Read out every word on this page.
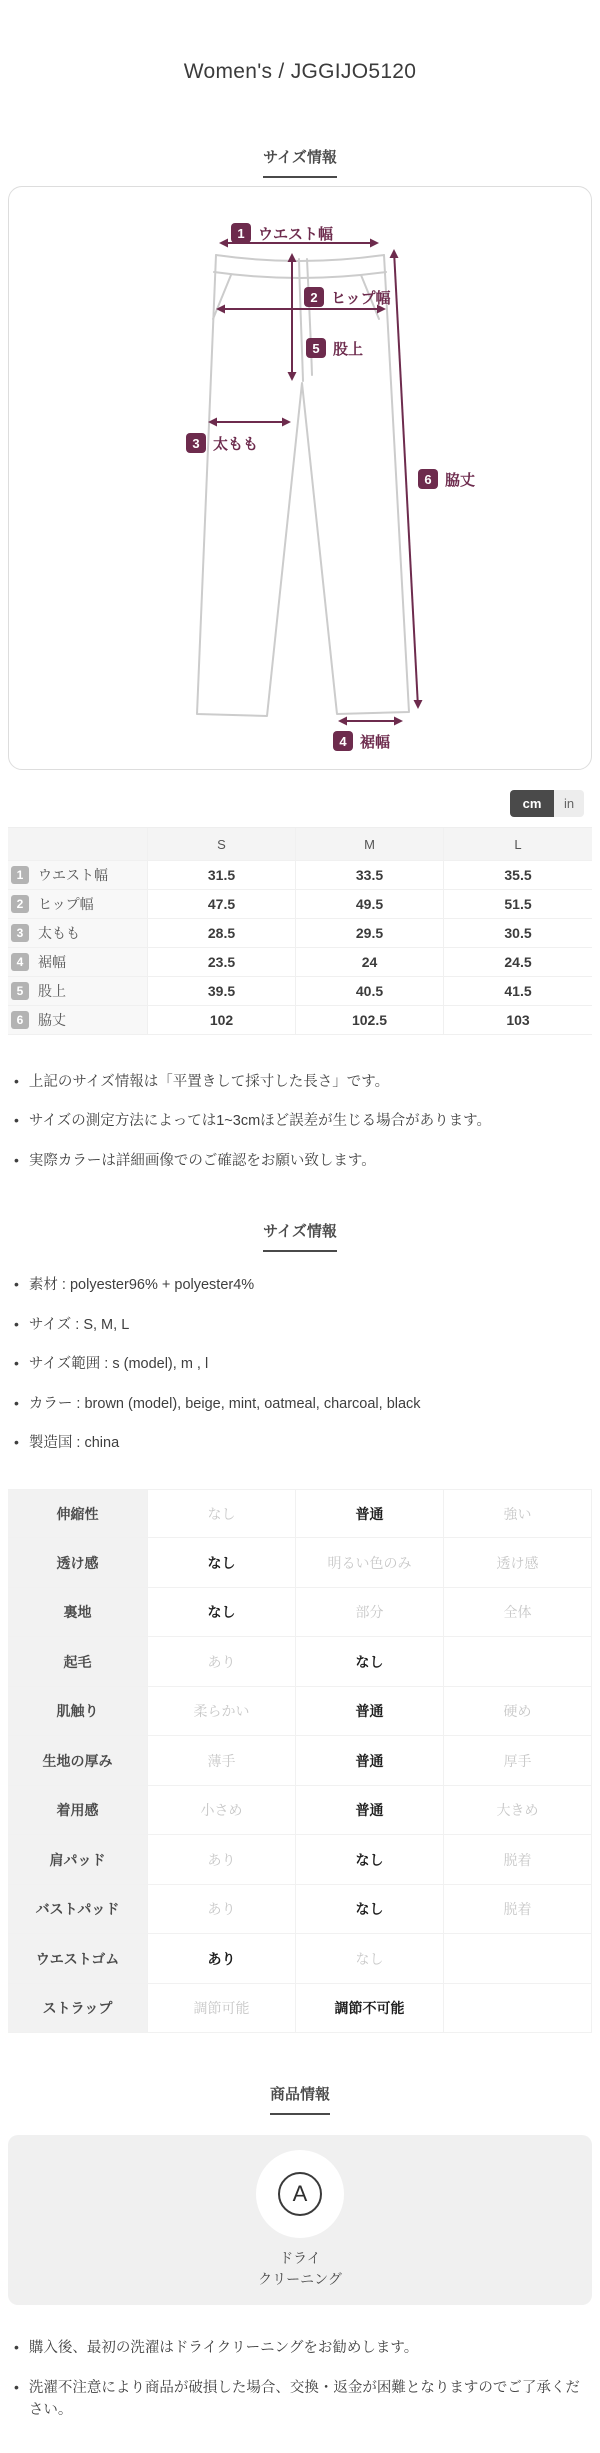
Women's / JGGIJO5120
サイズ情報
1 ウエスト幅
2 ヒップ幅
5 股上
3 太もも
6 脇丈
4 裾幅
cm	in
S	M	L
1	ウエスト幅	31.5	33.5	35.5
2	ヒップ幅	47.5	49.5	51.5
3	太もも	28.5	29.5	30.5
4	裾幅	23.5	24	24.5
5	股上	39.5	40.5	41.5
6	脇丈	102	102.5	103
• 上記のサイズ情報は「平置きして採寸した長さ」です。
• サイズの測定方法によっては1~3cmほど誤差が生じる場合があります。
• 実際カラーは詳細画像でのご確認をお願い致します。
サイズ情報
• 素材 : polyester96% + polyester4%
• サイズ : S, M, L
• サイズ範囲 : s (model), m , l
• カラー : brown (model), beige, mint, oatmeal, charcoal, black
• 製造国 : china
伸縮性	なし	普通	強い
透け感	なし	明るい色のみ	透け感
裏地	なし	部分	全体
起毛	あり	なし
肌触り	柔らかい	普通	硬め
生地の厚み	薄手	普通	厚手
着用感	小さめ	普通	大きめ
肩パッド	あり	なし	脱着
バストパッド	あり	なし	脱着
ウエストゴム	あり	なし
ストラップ	調節可能	調節不可能
商品情報
A
ドライ
クリーニング
• 購入後、最初の洗濯はドライクリーニングをお勧めします。
• 洗濯不注意により商品が破損した場合、交換・返金が困難となりますのでご了承ください。
